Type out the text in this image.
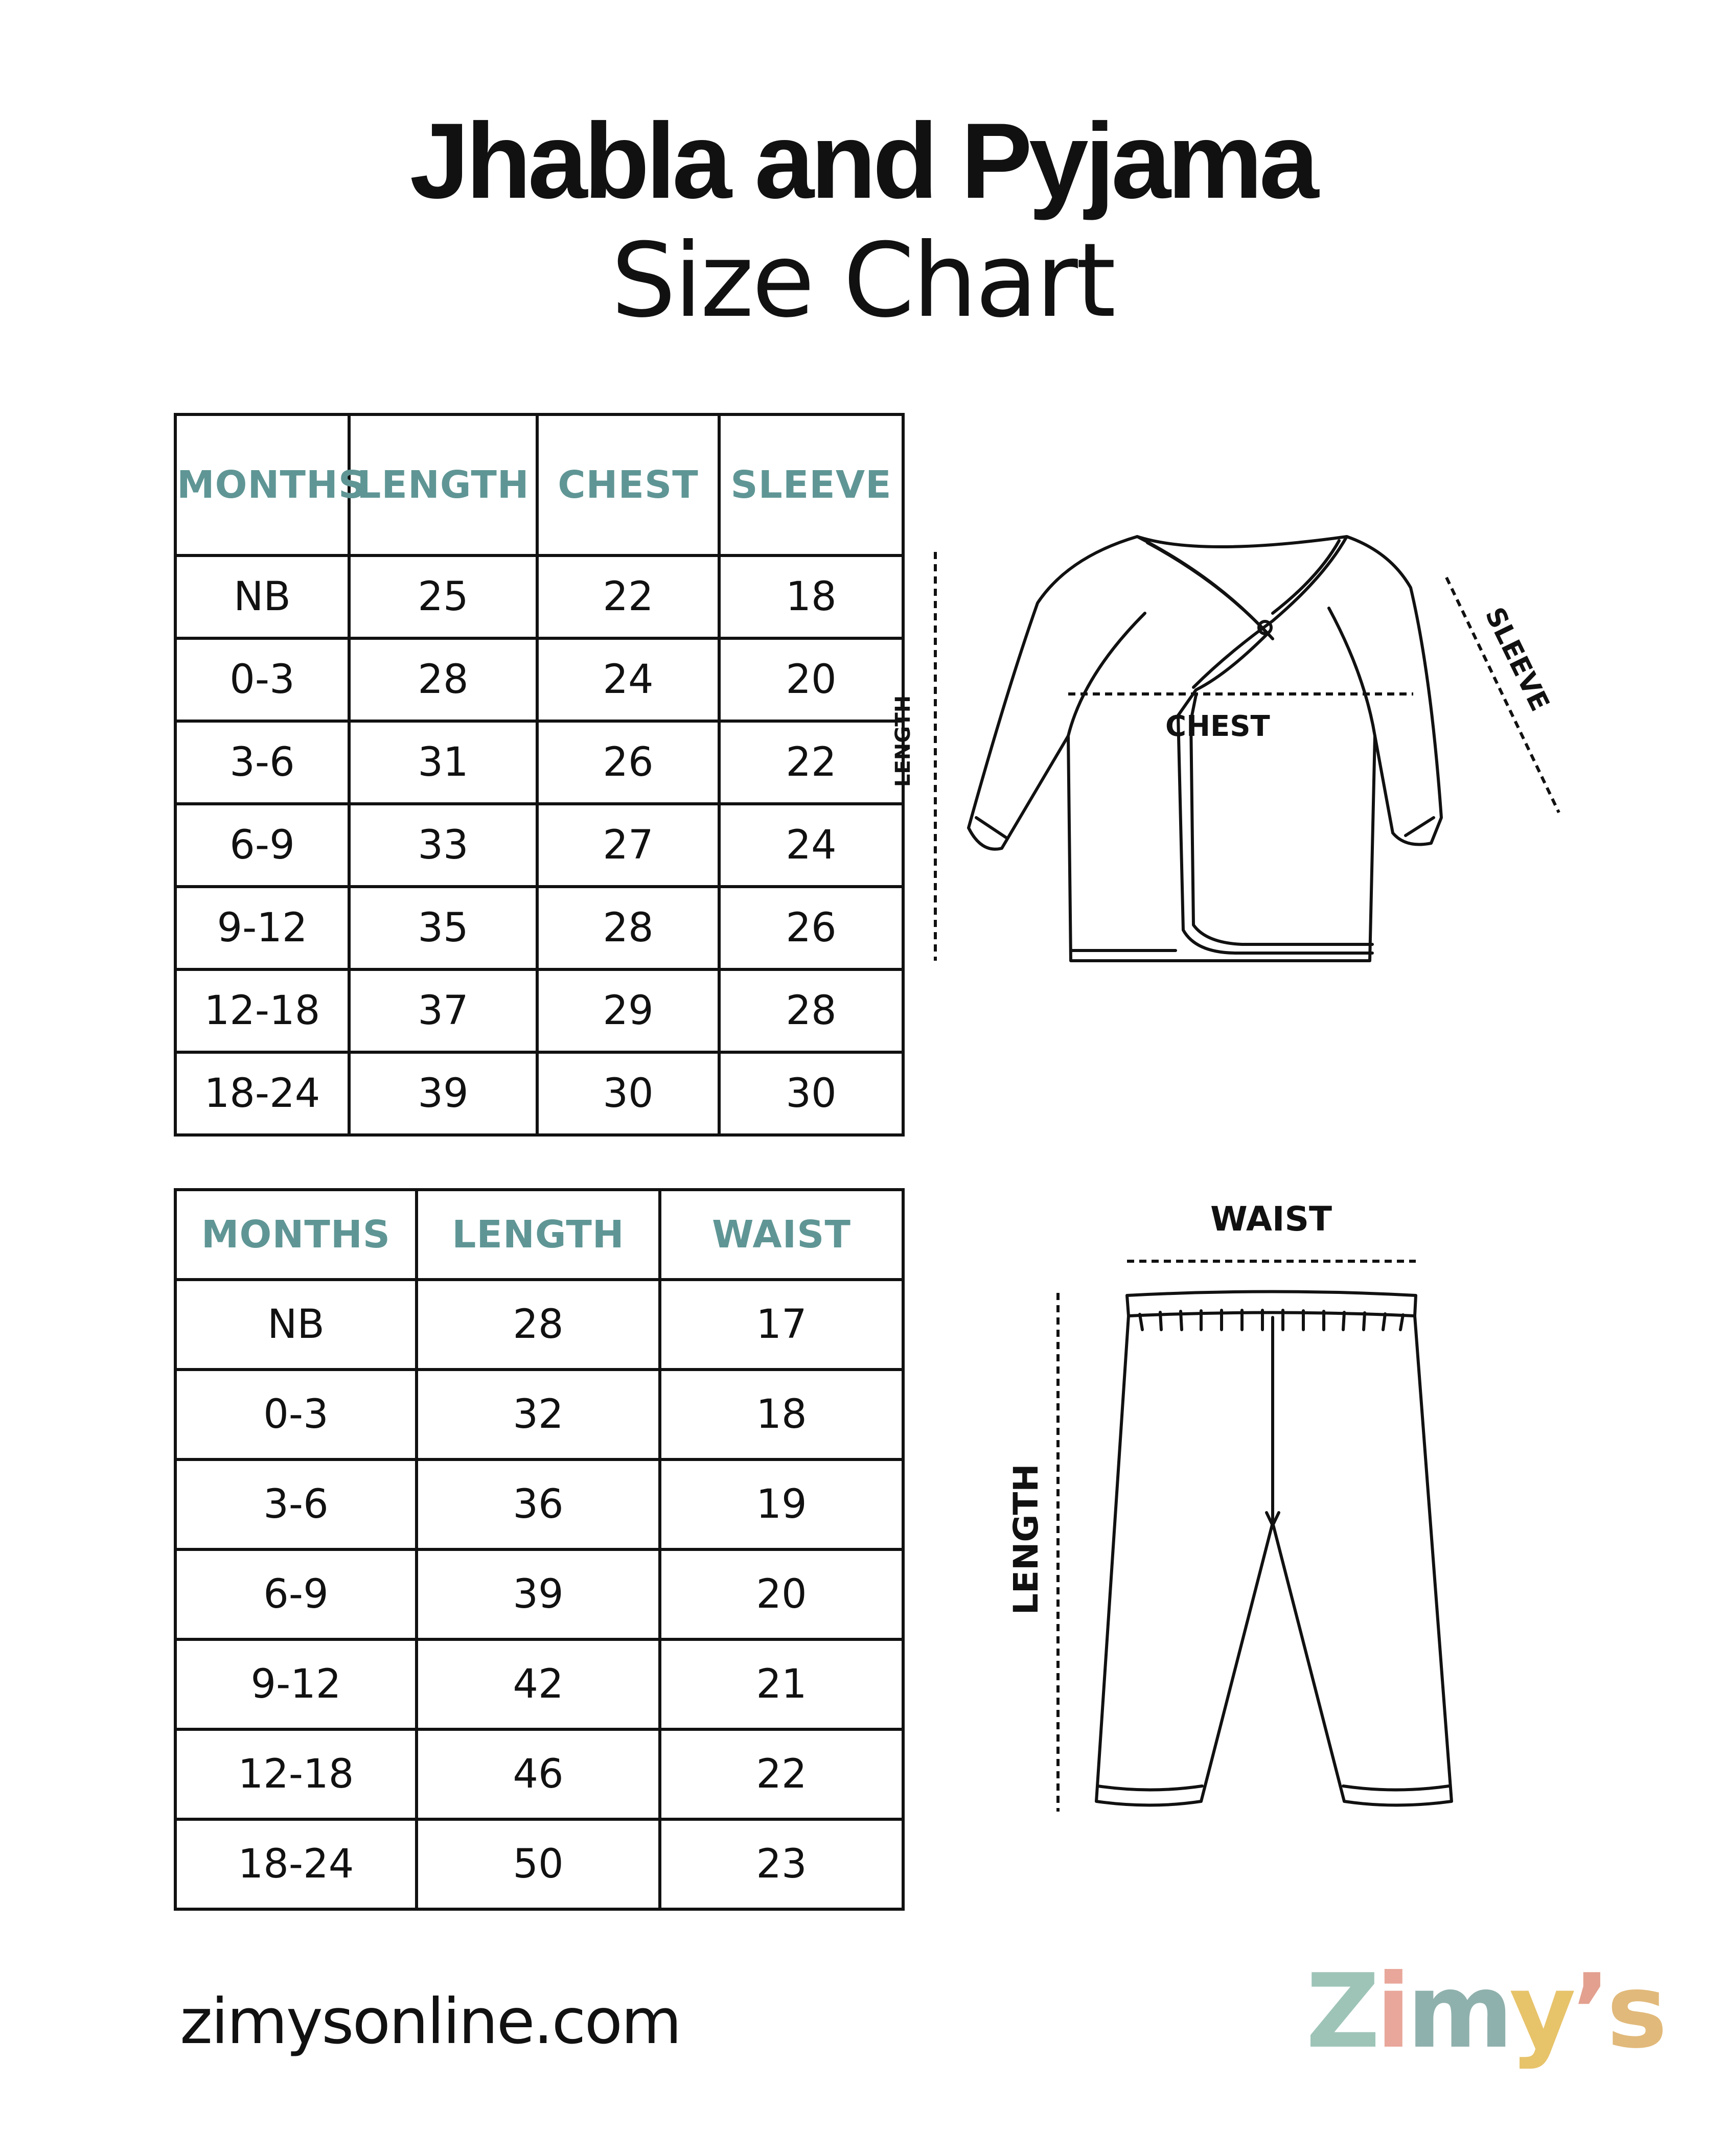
Jhabla and Pyjama
Size Chart
MONTHS	LENGTH	CHEST	SLEEVE
NB	25	22	18
0-3	28	24	20
3-6	31	26	22
6-9	33	27	24
9-12	35	28	26
12-18	37	29	28
18-24	39	30	30
CHEST
LENGTH
SLEEVE
MONTHS	LENGTH	WAIST
NB	28	17
0-3	32	18
3-6	36	19
6-9	39	20
9-12	42	21
12-18	46	22
18-24	50	23
WAIST
LENGTH
zimysonline.com	Zimy’s
